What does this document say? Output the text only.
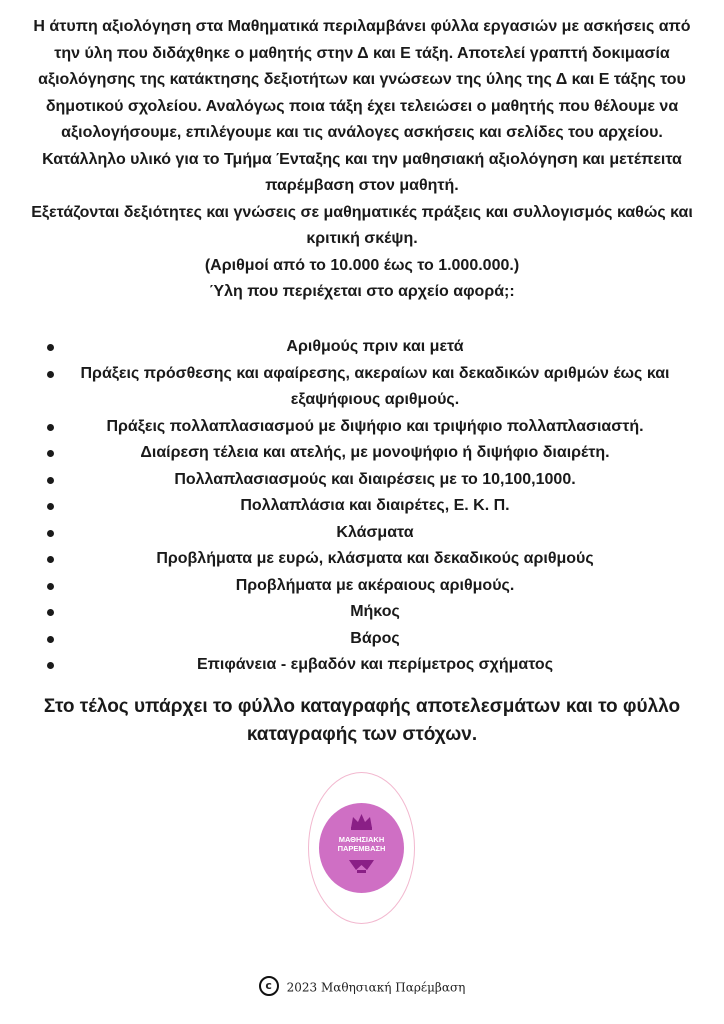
Η άτυπη αξιολόγηση στα Μαθηματικά περιλαμβάνει φύλλα εργασιών με ασκήσεις από την ύλη που διδάχθηκε ο μαθητής στην Δ και Ε τάξη. Αποτελεί γραπτή δοκιμασία αξιολόγησης της κατάκτησης δεξιοτήτων και γνώσεων της ύλης της Δ και Ε τάξης του δημοτικού σχολείου. Αναλόγως ποια τάξη έχει τελειώσει ο μαθητής που θέλουμε να αξιολογήσουμε, επιλέγουμε και τις ανάλογες ασκήσεις και σελίδες του αρχείου.

Κατάλληλο υλικό για το Τμήμα Ένταξης και την μαθησιακή αξιολόγηση και μετέπειτα παρέμβαση στον μαθητή.

Εξετάζονται δεξιότητες και γνώσεις σε μαθηματικές πράξεις και συλλογισμός καθώς και κριτική σκέψη.

(Αριθμοί από το 10.000 έως το 1.000.000.)

Ύλη που περιέχεται στο αρχείο αφορά;:

Αριθμούς πριν και μετά
Πράξεις πρόσθεσης και αφαίρεσης, ακεραίων και δεκαδικών αριθμών έως και εξαψήφιους αριθμούς.
Πράξεις πολλαπλασιασμού με διψήφιο και τριψήφιο πολλαπλασιαστή.
Διαίρεση τέλεια και ατελής, με μονοψήφιο ή διψήφιο διαιρέτη.
Πολλαπλασιασμούς και διαιρέσεις με το 10,100,1000.
Πολλαπλάσια και διαιρέτες, Ε. Κ. Π.
Κλάσματα
Προβλήματα με ευρώ, κλάσματα και δεκαδικούς αριθμούς
Προβλήματα με ακέραιους αριθμούς.
Μήκος
Βάρος
Επιφάνεια - εμβαδόν και περίμετρος σχήματος
Στο τέλος υπάρχει το φύλλο καταγραφής αποτελεσμάτων και το φύλλο καταγραφής των στόχων.
ΜΑΘΗΣΙΑΚΗ
ΠΑΡΕΜΒΑΣΗ
c 2023 Μαθησιακή Παρέμβαση
